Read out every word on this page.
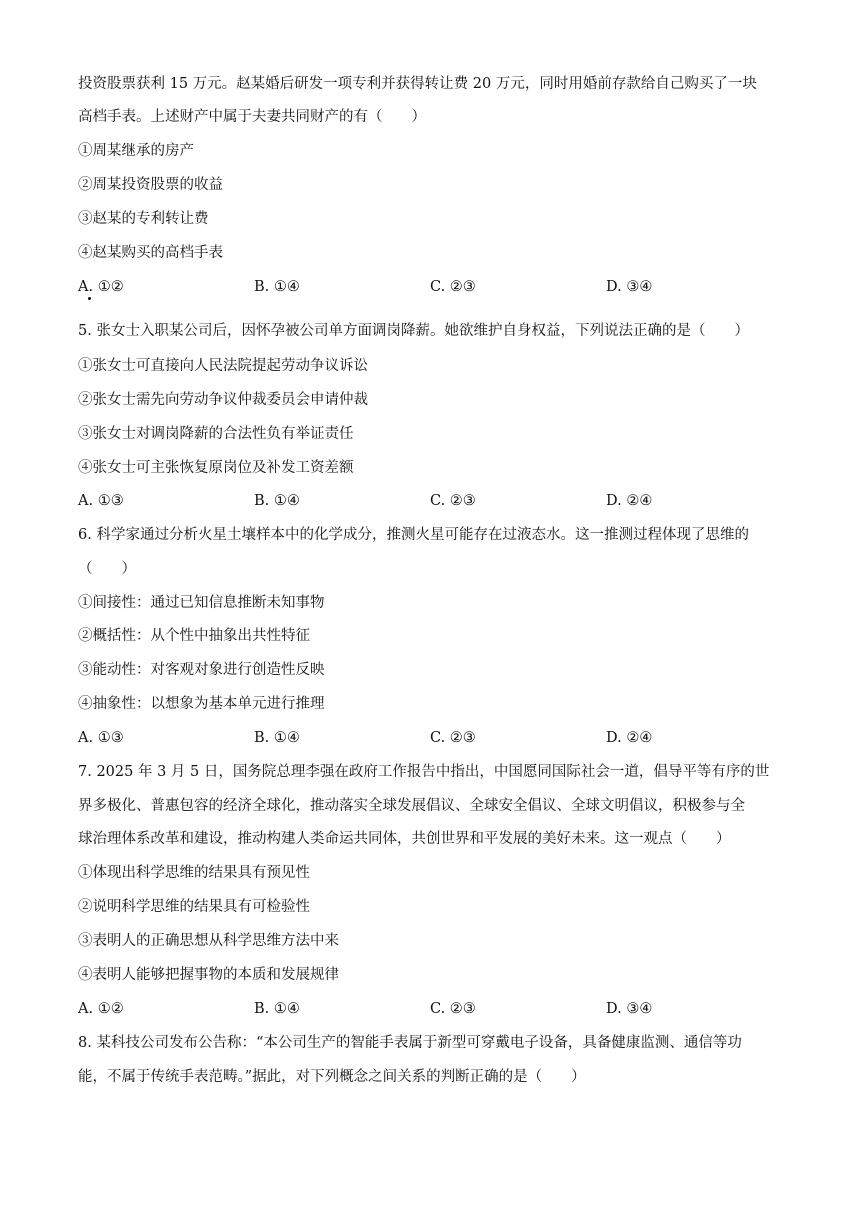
投资股票获利 15 万元。赵某婚后研发一项专利并获得转让费 20 万元，同时用婚前存款给自己购买了一块
高档手表。上述财产中属于夫妻共同财产的有（　　）
①周某继承的房产
②周某投资股票的收益
③赵某的专利转让费
④赵某购买的高档手表
A. ①②	B. ①④	C. ②③	D. ③④
5. 张女士入职某公司后，因怀孕被公司单方面调岗降薪。她欲维护自身权益，下列说法正确的是（　　）
①张女士可直接向人民法院提起劳动争议诉讼
②张女士需先向劳动争议仲裁委员会申请仲裁
③张女士对调岗降薪的合法性负有举证责任
④张女士可主张恢复原岗位及补发工资差额
A. ①③	B. ①④	C. ②③	D. ②④
6. 科学家通过分析火星土壤样本中的化学成分，推测火星可能存在过液态水。这一推测过程体现了思维的
（　　）
①间接性：通过已知信息推断未知事物
②概括性：从个性中抽象出共性特征
③能动性：对客观对象进行创造性反映
④抽象性：以想象为基本单元进行推理
A. ①③	B. ①④	C. ②③	D. ②④
7. 2025 年 3 月 5 日，国务院总理李强在政府工作报告中指出，中国愿同国际社会一道，倡导平等有序的世
界多极化、普惠包容的经济全球化，推动落实全球发展倡议、全球安全倡议、全球文明倡议，积极参与全
球治理体系改革和建设，推动构建人类命运共同体，共创世界和平发展的美好未来。这一观点（　　）
①体现出科学思维的结果具有预见性
②说明科学思维的结果具有可检验性
③表明人的正确思想从科学思维方法中来
④表明人能够把握事物的本质和发展规律
A. ①②	B. ①④	C. ②③	D. ③④
8. 某科技公司发布公告称：“本公司生产的智能手表属于新型可穿戴电子设备，具备健康监测、通信等功
能，不属于传统手表范畴。”据此，对下列概念之间关系的判断正确的是（　　）
